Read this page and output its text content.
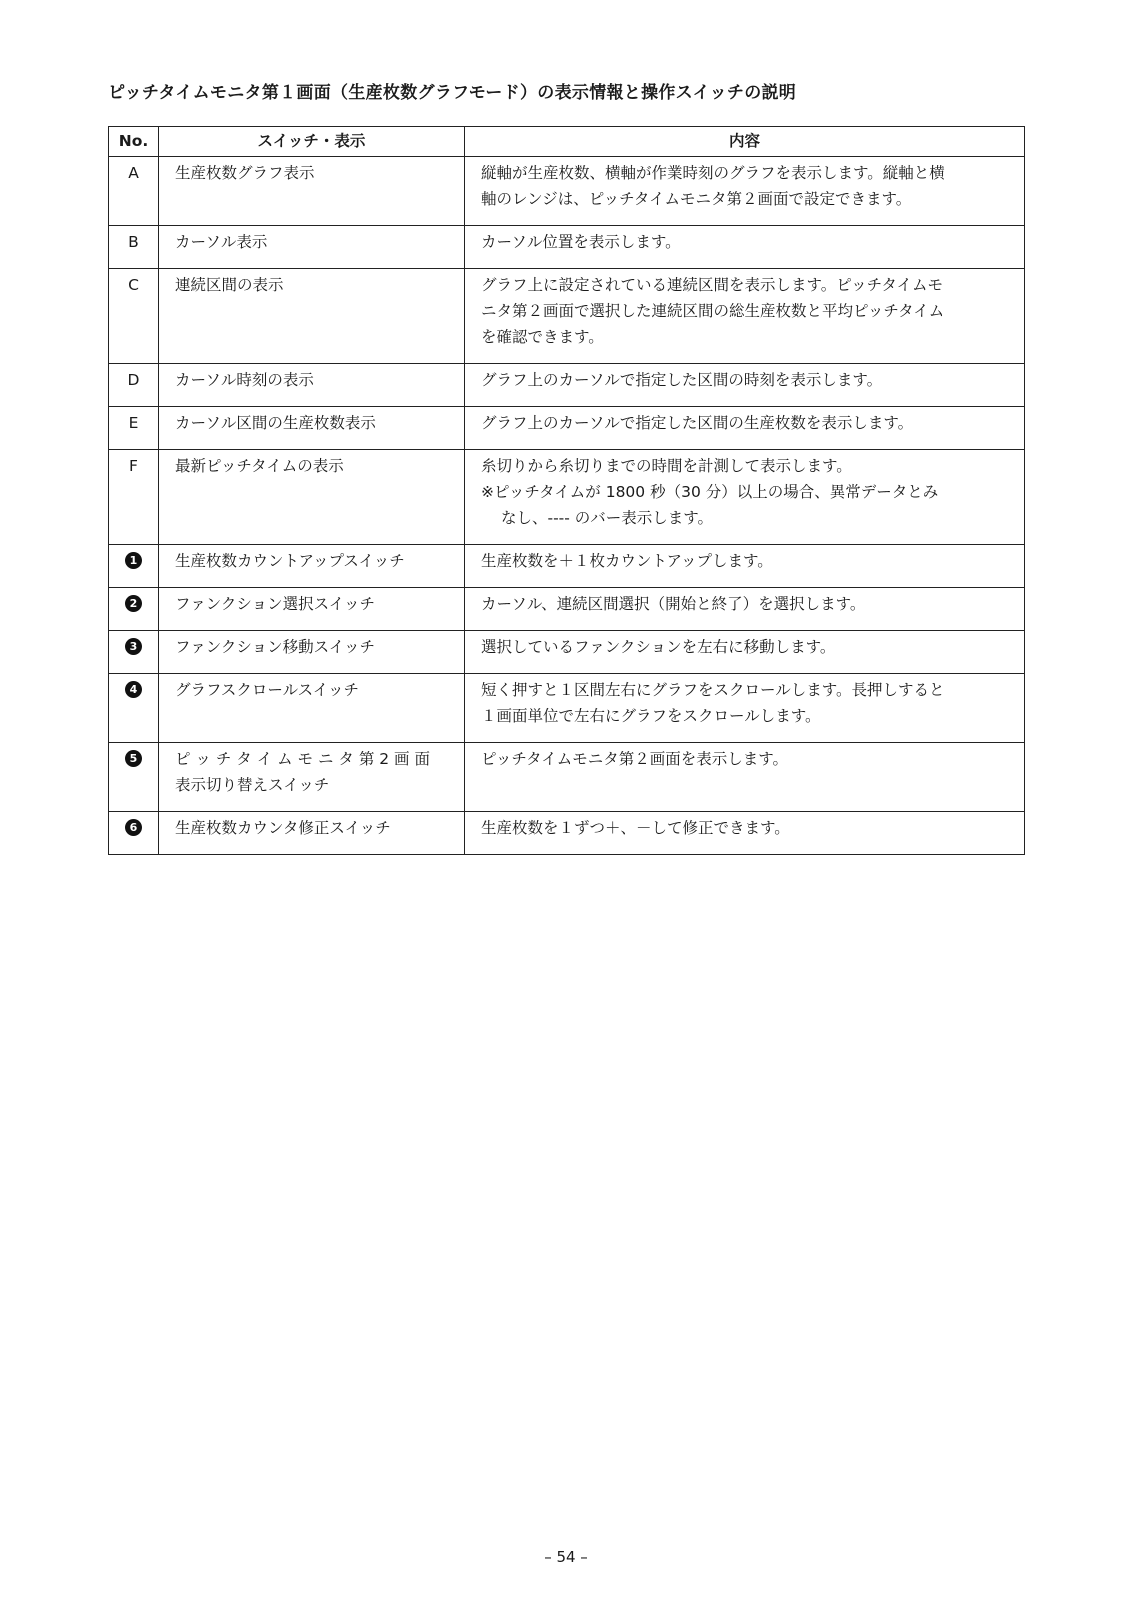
ピッチタイムモニタ第１画面（生産枚数グラフモード）の表示情報と操作スイッチの説明
No.	スイッチ・表示	内容
A	生産枚数グラフ表示	縦軸が生産枚数、横軸が作業時刻のグラフを表示します。縦軸と横
軸のレンジは、ピッチタイムモニタ第２画面で設定できます。

B	カーソル表示	カーソル位置を表示します。

C	連続区間の表示	グラフ上に設定されている連続区間を表示します。ピッチタイムモ
ニタ第２画面で選択した連続区間の総生産枚数と平均ピッチタイム
を確認できます。

D	カーソル時刻の表示	グラフ上のカーソルで指定した区間の時刻を表示します。

E	カーソル区間の生産枚数表示	グラフ上のカーソルで指定した区間の生産枚数を表示します。

F	最新ピッチタイムの表示	糸切りから糸切りまでの時間を計測して表示します。
※ピッチタイムが 1800 秒（30 分）以上の場合、異常データとみ
なし、---- のバー表示します。

1	生産枚数カウントアップスイッチ	生産枚数を＋１枚カウントアップします。

2	ファンクション選択スイッチ	カーソル、連続区間選択（開始と終了）を選択します。

3	ファンクション移動スイッチ	選択しているファンクションを左右に移動します。

4	グラフスクロールスイッチ	短く押すと１区間左右にグラフをスクロールします。長押しすると
１画面単位で左右にグラフをスクロールします。

5	ピ ッ チ タ イ ム モ ニ タ 第 2 画 面
表示切り替えスイッチ	ピッチタイムモニタ第２画面を表示します。

6	生産枚数カウンタ修正スイッチ	生産枚数を１ずつ＋、－して修正できます。
– 54 –
